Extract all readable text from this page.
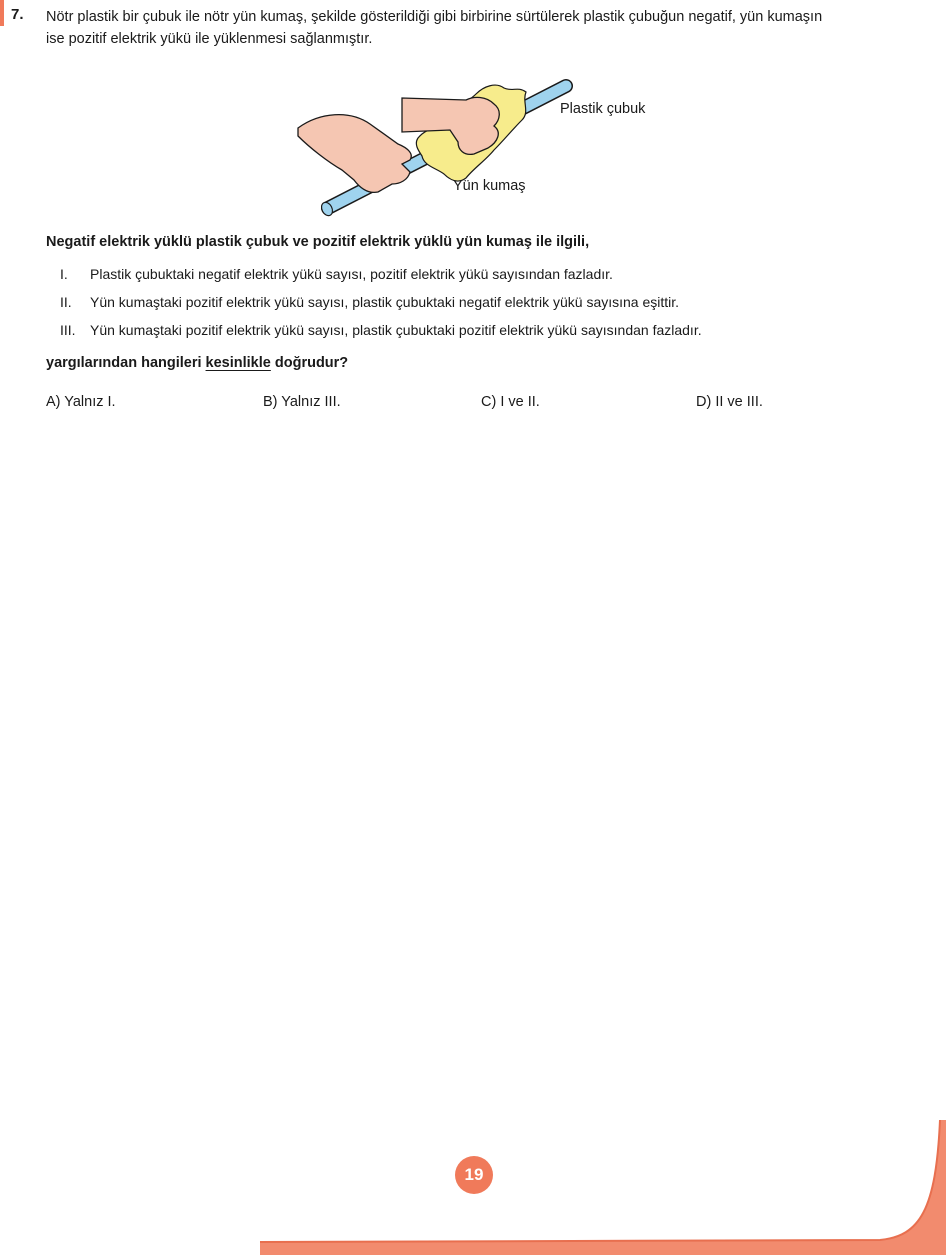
7. Nötr plastik bir çubuk ile nötr yün kumaş, şekilde gösterildiği gibi birbirine sürtülerek plastik çubuğun negatif, yün kumaşın
ise pozitif elektrik yükü ile yüklenmesi sağlanmıştır.
Plastik çubuk
Yün kumaş
Negatif elektrik yüklü plastik çubuk ve pozitif elektrik yüklü yün kumaş ile ilgili,
I. Plastik çubuktaki negatif elektrik yükü sayısı, pozitif elektrik yükü sayısından fazladır.
II. Yün kumaştaki pozitif elektrik yükü sayısı, plastik çubuktaki negatif elektrik yükü sayısına eşittir.
III. Yün kumaştaki pozitif elektrik yükü sayısı, plastik çubuktaki pozitif elektrik yükü sayısından fazladır.
yargılarından hangileri kesinlikle doğrudur?
A) Yalnız I.	B) Yalnız III.	C) I ve II.	D) II ve III.
19
